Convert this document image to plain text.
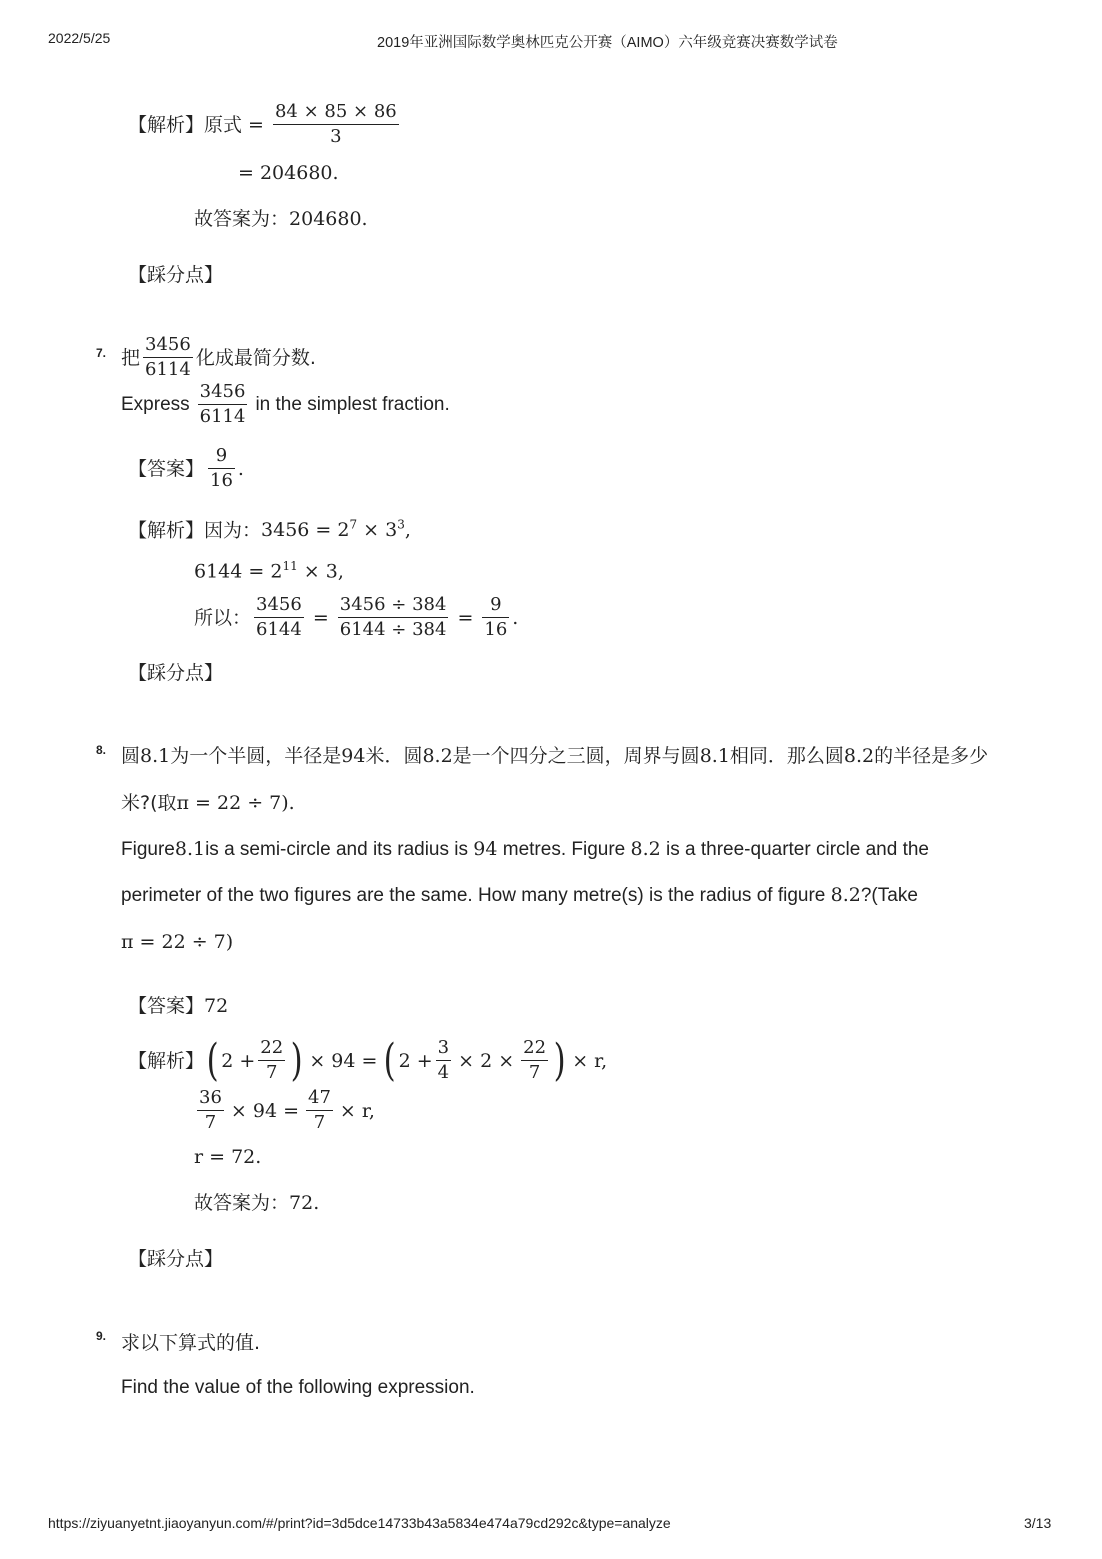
2022/5/25	2019年亚洲国际数学奥林匹克公开赛（AIMO）六年级竞赛决赛数学试卷
【解析】 原式 = $\frac{84 \times 85 \times 86}{3}$
= 204680.
故答案为：204680.
【踩分点】
7. 把 $\frac{3456}{6114}$ 化成最简分数.
Express $\frac{3456}{6114}$ in the simplest fraction.
【答案】 $\frac{9}{16}$ .
【解析】因为：$3456 = 2^7 \times 3^3$,
$6144 = 2^{11} \times 3$,
所以： $\frac{3456}{6144} = \frac{3456 \div 384}{6144 \div 384} = \frac{9}{16}$ .
【踩分点】
8. 圆8.1为一个半圆，半径是94米．圆8.2是一个四分之三圆，周界与圆8.1相同．那么圆8.2的半径是多少
米?(取π = 22 ÷ 7).
Figure8.1is a semi-circle and its radius is 94 metres. Figure 8.2 is a three-quarter circle and the
perimeter of the two figures are the same. How many metre(s) is the radius of figure 8.2?(Take
π = 22 ÷ 7)
【答案】72
【解析】 ( $2 + \frac{22}{7}$ ) × 94 = ( $2 + \frac{3}{4} \times 2 \times \frac{22}{7}$ ) × r,
$\frac{36}{7} \times 94 = \frac{47}{7} \times r$,
r = 72.
故答案为：72.
【踩分点】
9. 求以下算式的值.
Find the value of the following expression.
https://ziyuanyetnt.jiaoyanyun.com/#/print?id=3d5dce14733b43a5834e474a79cd292c&type=analyze	3/13
